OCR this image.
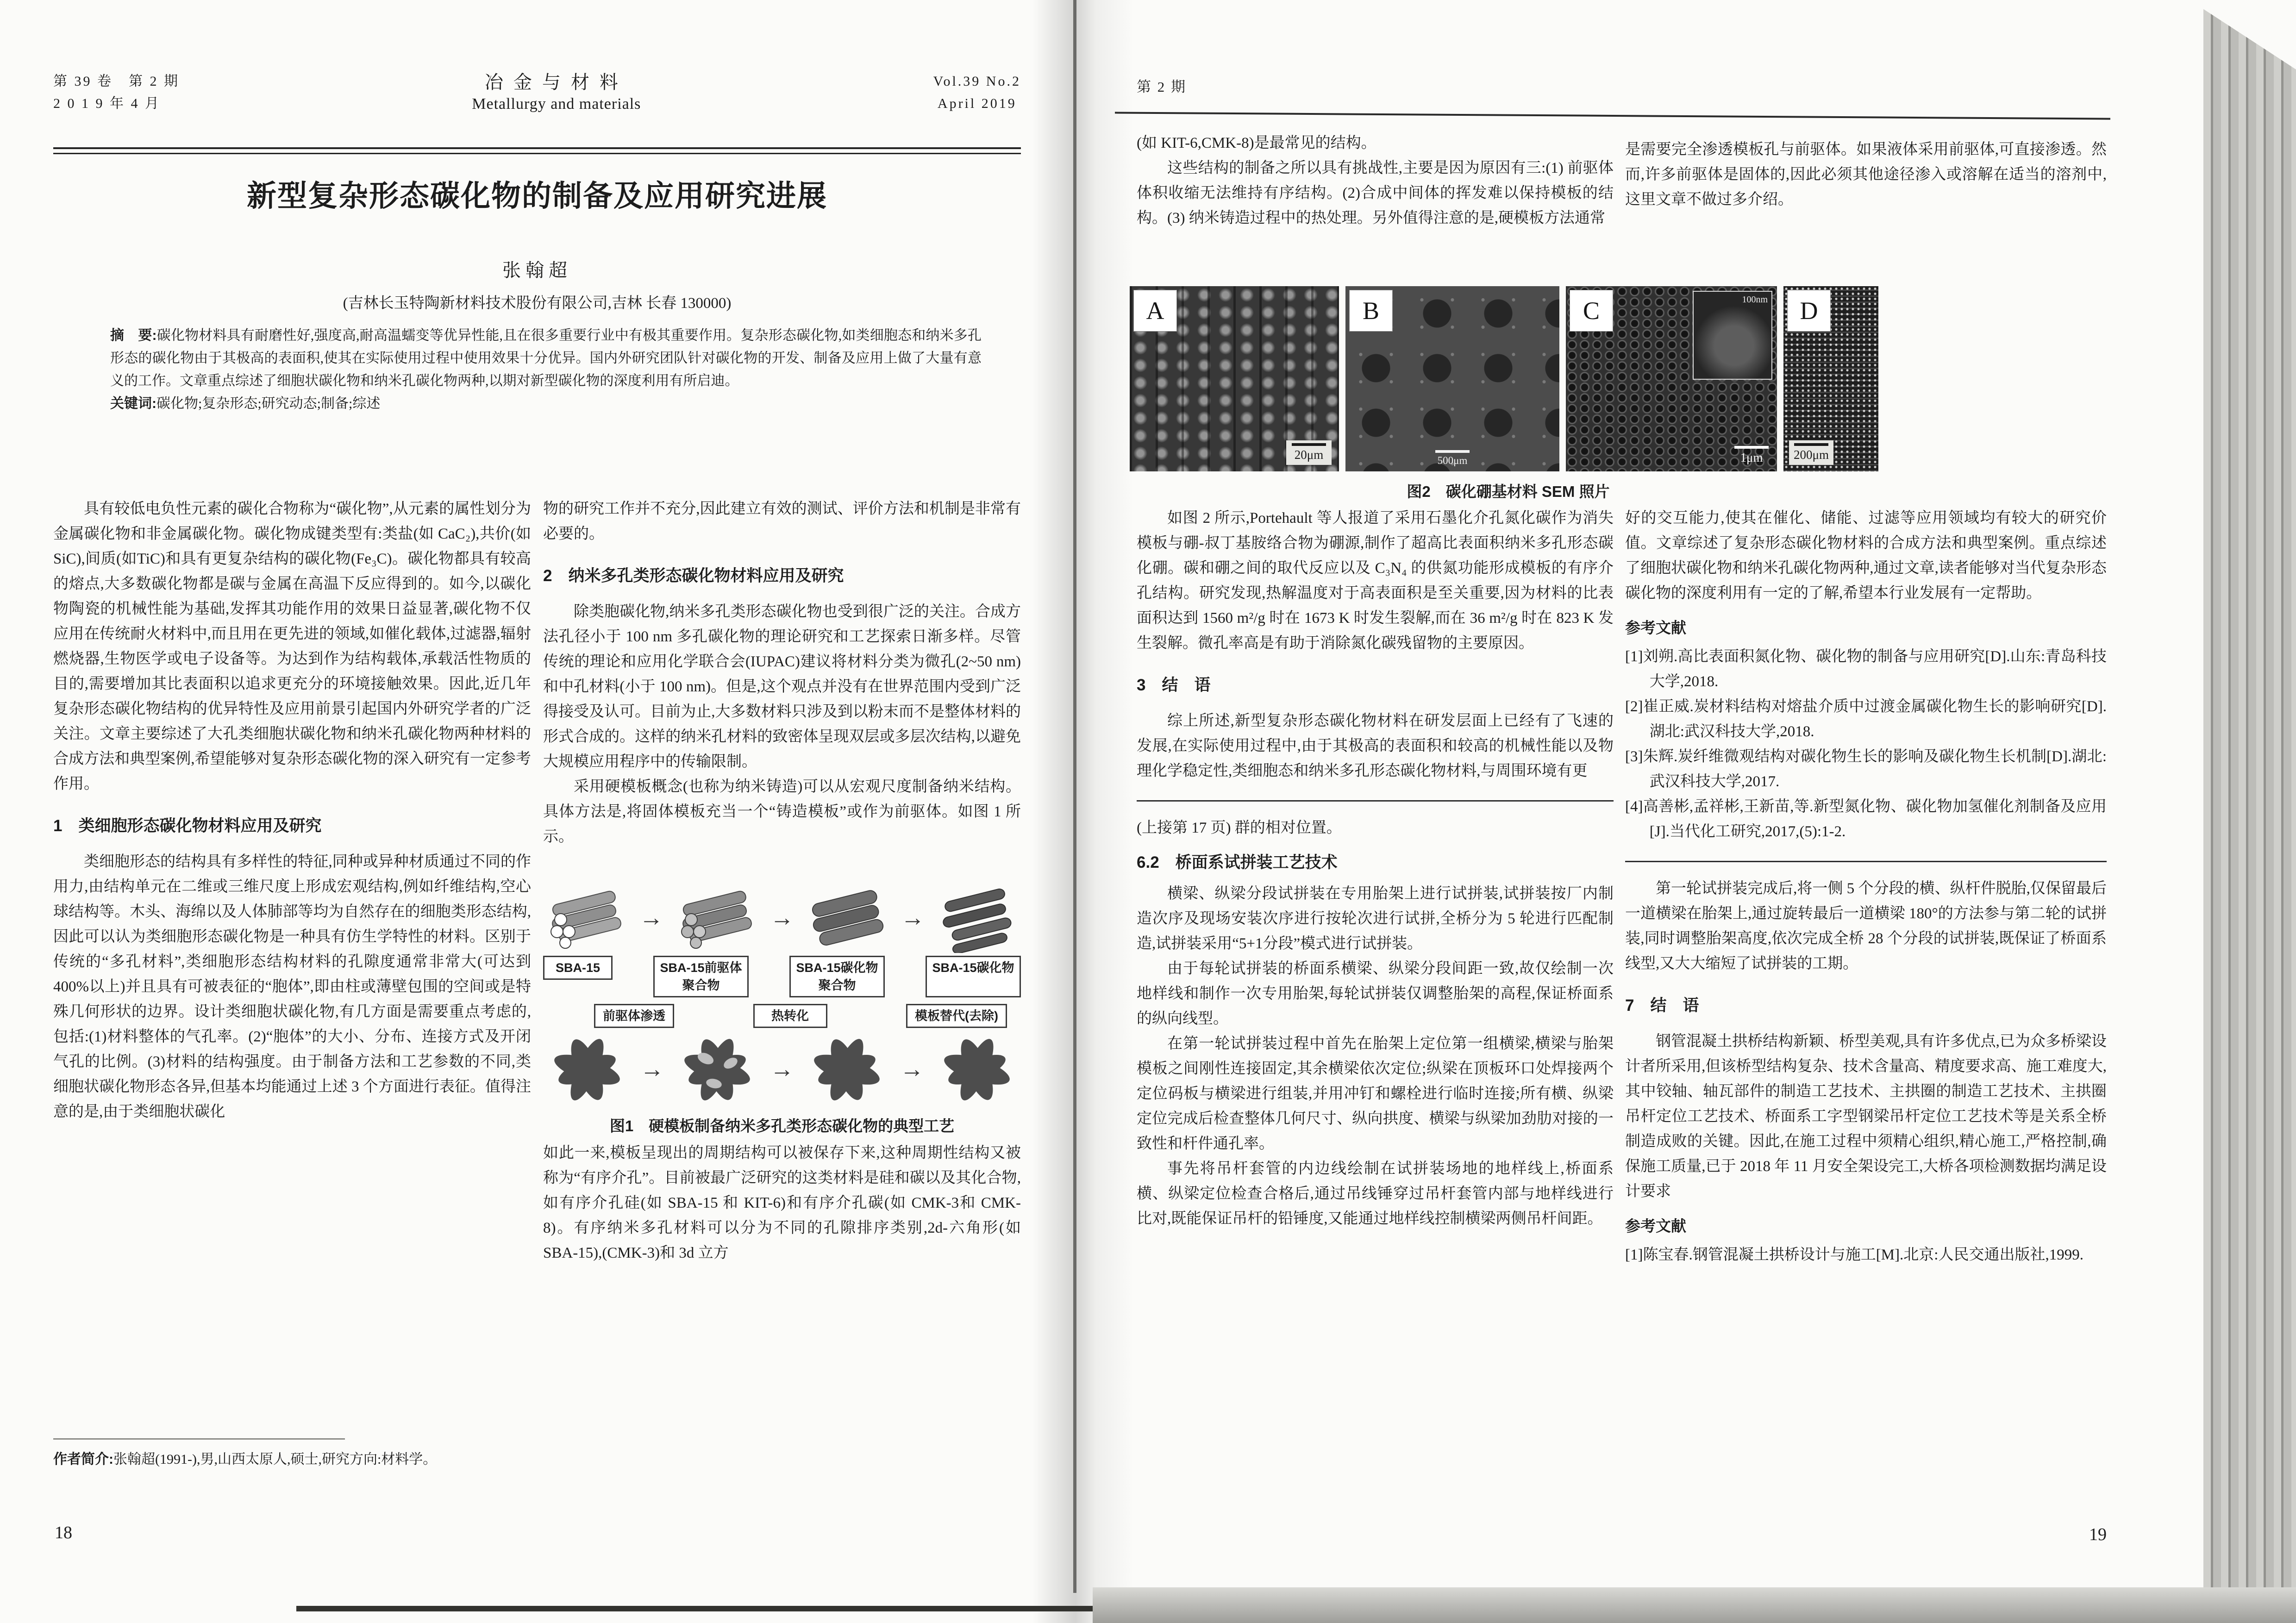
第 39 卷　第 2 期
2 0 1 9 年 4 月
冶金与材料
Metallurgy and materials
Vol.39 No.2
April 2019
新型复杂形态碳化物的制备及应用研究进展
张翰超
(吉林长玉特陶新材料技术股份有限公司,吉林 长春 130000)

摘　要:碳化物材料具有耐磨性好,强度高,耐高温蠕变等优异性能,且在很多重要行业中有极其重要作用。复杂形态碳化物,如类细胞态和纳米多孔形态的碳化物由于其极高的表面积,使其在实际使用过程中使用效果十分优异。国内外研究团队针对碳化物的开发、制备及应用上做了大量有意义的工作。文章重点综述了细胞状碳化物和纳米孔碳化物两种,以期对新型碳化物的深度利用有所启迪。

关键词:碳化物;复杂形态;研究动态;制备;综述

具有较低电负性元素的碳化合物称为“碳化物”,从元素的属性划分为金属碳化物和非金属碳化物。碳化物成键类型有:类盐(如 CaC₂),共价(如 SiC),间质(如TiC)和具有更复杂结构的碳化物(Fe₃C)。碳化物都具有较高的熔点,大多数碳化物都是碳与金属在高温下反应得到的。如今,以碳化物陶瓷的机械性能为基础,发挥其功能作用的效果日益显著,碳化物不仅应用在传统耐火材料中,而且用在更先进的领域,如催化载体,过滤器,辐射燃烧器,生物医学或电子设备等。为达到作为结构载体,承载活性物质的目的,需要增加其比表面积以追求更充分的环境接触效果。因此,近几年复杂形态碳化物结构的优异特性及应用前景引起国内外研究学者的广泛关注。文章主要综述了大孔类细胞状碳化物和纳米孔碳化物两种材料的合成方法和典型案例,希望能够对复杂形态碳化物的深入研究有一定参考作用。

1　类细胞形态碳化物材料应用及研究

类细胞形态的结构具有多样性的特征,同种或异种材质通过不同的作用力,由结构单元在二维或三维尺度上形成宏观结构,例如纤维结构,空心球结构等。木头、海绵以及人体肺部等均为自然存在的细胞类形态结构,因此可以认为类细胞形态碳化物是一种具有仿生学特性的材料。区别于传统的“多孔材料”,类细胞形态结构材料的孔隙度通常非常大(可达到 400%以上)并且具有可被表征的“胞体”,即由柱或薄壁包围的空间或是特殊几何形状的边界。设计类细胞状碳化物,有几方面是需要重点考虑的,包括:(1)材料整体的气孔率。(2)“胞体”的大小、分布、连接方式及开闭气孔的比例。(3)材料的结构强度。由于制备方法和工艺参数的不同,类细胞状碳化物形态各异,但基本均能通过上述 3 个方面进行表征。值得注意的是,由于类细胞状碳化

物的研究工作并不充分,因此建立有效的测试、评价方法和机制是非常有必要的。

2　纳米多孔类形态碳化物材料应用及研究

除类胞碳化物,纳米多孔类形态碳化物也受到很广泛的关注。合成方法孔径小于 100 nm 多孔碳化物的理论研究和工艺探索日渐多样。尽管传统的理论和应用化学联合会(IUPAC)建议将材料分类为微孔(2~50 nm)和中孔材料(小于 100 nm)。但是,这个观点并没有在世界范围内受到广泛得接受及认可。目前为止,大多数材料只涉及到以粉末而不是整体材料的形式合成的。这样的纳米孔材料的致密体呈现双层或多层次结构,以避免大规模应用程序中的传输限制。

采用硬模板概念(也称为纳米铸造)可以从宏观尺度制备纳米结构。具体方法是,将固体模板充当一个“铸造模板”或作为前驱体。如图 1 所示。

→	→	→
SBA-15	SBA-15前驱体聚合物
SBA-15碳化物聚合物
SBA-15碳化物
前驱体渗透	热转化	模板替代(去除)
→	→	→
图1　硬模板制备纳米多孔类形态碳化物的典型工艺

如此一来,模板呈现出的周期结构可以被保存下来,这种周期性结构又被称为“有序介孔”。目前被最广泛研究的这类材料是硅和碳以及其化合物,如有序介孔硅(如 SBA-15 和 KIT-6)和有序介孔碳(如 CMK-3和 CMK-8)。有序纳米多孔材料可以分为不同的孔隙排序类别,2d-六角形(如 SBA-15),(CMK-3)和 3d 立方

作者简介:张翰超(1991-),男,山西太原人,硕士,研究方向:材料学。

18
第 2 期

(如 KIT-6,CMK-8)是最常见的结构。

这些结构的制备之所以具有挑战性,主要是因为原因有三:(1) 前驱体体积收缩无法维持有序结构。(2)合成中间体的挥发难以保持模板的结构。(3) 纳米铸造过程中的热处理。另外值得注意的是,硬模板方法通常

是需要完全渗透模板孔与前驱体。如果液体采用前驱体,可直接渗透。然而,许多前驱体是固体的,因此必须其他途径渗入或溶解在适当的溶剂中,这里文章不做过多介绍。

A
20μm
B
500μm
C	100nm
1μm
D
200μm
图2　碳化硼基材料 SEM 照片

如图 2 所示,Portehault 等人报道了采用石墨化介孔氮化碳作为消失模板与硼-叔丁基胺络合物为硼源,制作了超高比表面积纳米多孔形态碳化硼。碳和硼之间的取代反应以及 C₃N₄ 的供氮功能形成模板的有序介孔结构。研究发现,热解温度对于高表面积是至关重要,因为材料的比表面积达到 1560 m²/g 时在 1673 K 时发生裂解,而在 36 m²/g 时在 823 K 发生裂解。微孔率高是有助于消除氮化碳残留物的主要原因。

3　结　语

综上所述,新型复杂形态碳化物材料在研发层面上已经有了飞速的发展,在实际使用过程中,由于其极高的表面积和较高的机械性能以及物理化学稳定性,类细胞态和纳米多孔形态碳化物材料,与周围环境有更

(上接第 17 页) 群的相对位置。

6.2　桥面系试拼装工艺技术

横梁、纵梁分段试拼装在专用胎架上进行试拼装,试拼装按厂内制造次序及现场安装次序进行按轮次进行试拼,全桥分为 5 轮进行匹配制造,试拼装采用“5+1分段”模式进行试拼装。

由于每轮试拼装的桥面系横梁、纵梁分段间距一致,故仅绘制一次地样线和制作一次专用胎架,每轮试拼装仅调整胎架的高程,保证桥面系的纵向线型。

在第一轮试拼装过程中首先在胎架上定位第一组横梁,横梁与胎架模板之间刚性连接固定,其余横梁依次定位;纵梁在顶板环口处焊接两个定位码板与横梁进行组装,并用冲钉和螺栓进行临时连接;所有横、纵梁定位完成后检查整体几何尺寸、纵向拱度、横梁与纵梁加劲肋对接的一致性和杆件通孔率。

事先将吊杆套管的内边线绘制在试拼装场地的地样线上,桥面系横、纵梁定位检查合格后,通过吊线锤穿过吊杆套管内部与地样线进行比对,既能保证吊杆的铅锤度,又能通过地样线控制横梁两侧吊杆间距。

好的交互能力,使其在催化、储能、过滤等应用领域均有较大的研究价值。文章综述了复杂形态碳化物材料的合成方法和典型案例。重点综述了细胞状碳化物和纳米孔碳化物两种,通过文章,读者能够对当代复杂形态碳化物的深度利用有一定的了解,希望本行业发展有一定帮助。

参考文献

[1]刘朔.高比表面积氮化物、碳化物的制备与应用研究[D].山东:青岛科技大学,2018.

[2]崔正威.炭材料结构对熔盐介质中过渡金属碳化物生长的影响研究[D].湖北:武汉科技大学,2018.

[3]朱辉.炭纤维微观结构对碳化物生长的影响及碳化物生长机制[D].湖北:武汉科技大学,2017.

[4]高善彬,孟祥彬,王新苗,等.新型氮化物、碳化物加氢催化剂制备及应用[J].当代化工研究,2017,(5):1-2.

第一轮试拼装完成后,将一侧 5 个分段的横、纵杆件脱胎,仅保留最后一道横梁在胎架上,通过旋转最后一道横梁 180°的方法参与第二轮的试拼装,同时调整胎架高度,依次完成全桥 28 个分段的试拼装,既保证了桥面系线型,又大大缩短了试拼装的工期。

7　结　语

钢管混凝土拱桥结构新颖、桥型美观,具有许多优点,已为众多桥梁设计者所采用,但该桥型结构复杂、技术含量高、精度要求高、施工难度大,其中铰轴、轴瓦部件的制造工艺技术、主拱圈的制造工艺技术、主拱圈吊杆定位工艺技术、桥面系工字型钢梁吊杆定位工艺技术等是关系全桥制造成败的关键。因此,在施工过程中须精心组织,精心施工,严格控制,确保施工质量,已于 2018 年 11 月安全架设完工,大桥各项检测数据均满足设计要求

参考文献

[1]陈宝春.钢管混凝土拱桥设计与施工[M].北京:人民交通出版社,1999.

19
